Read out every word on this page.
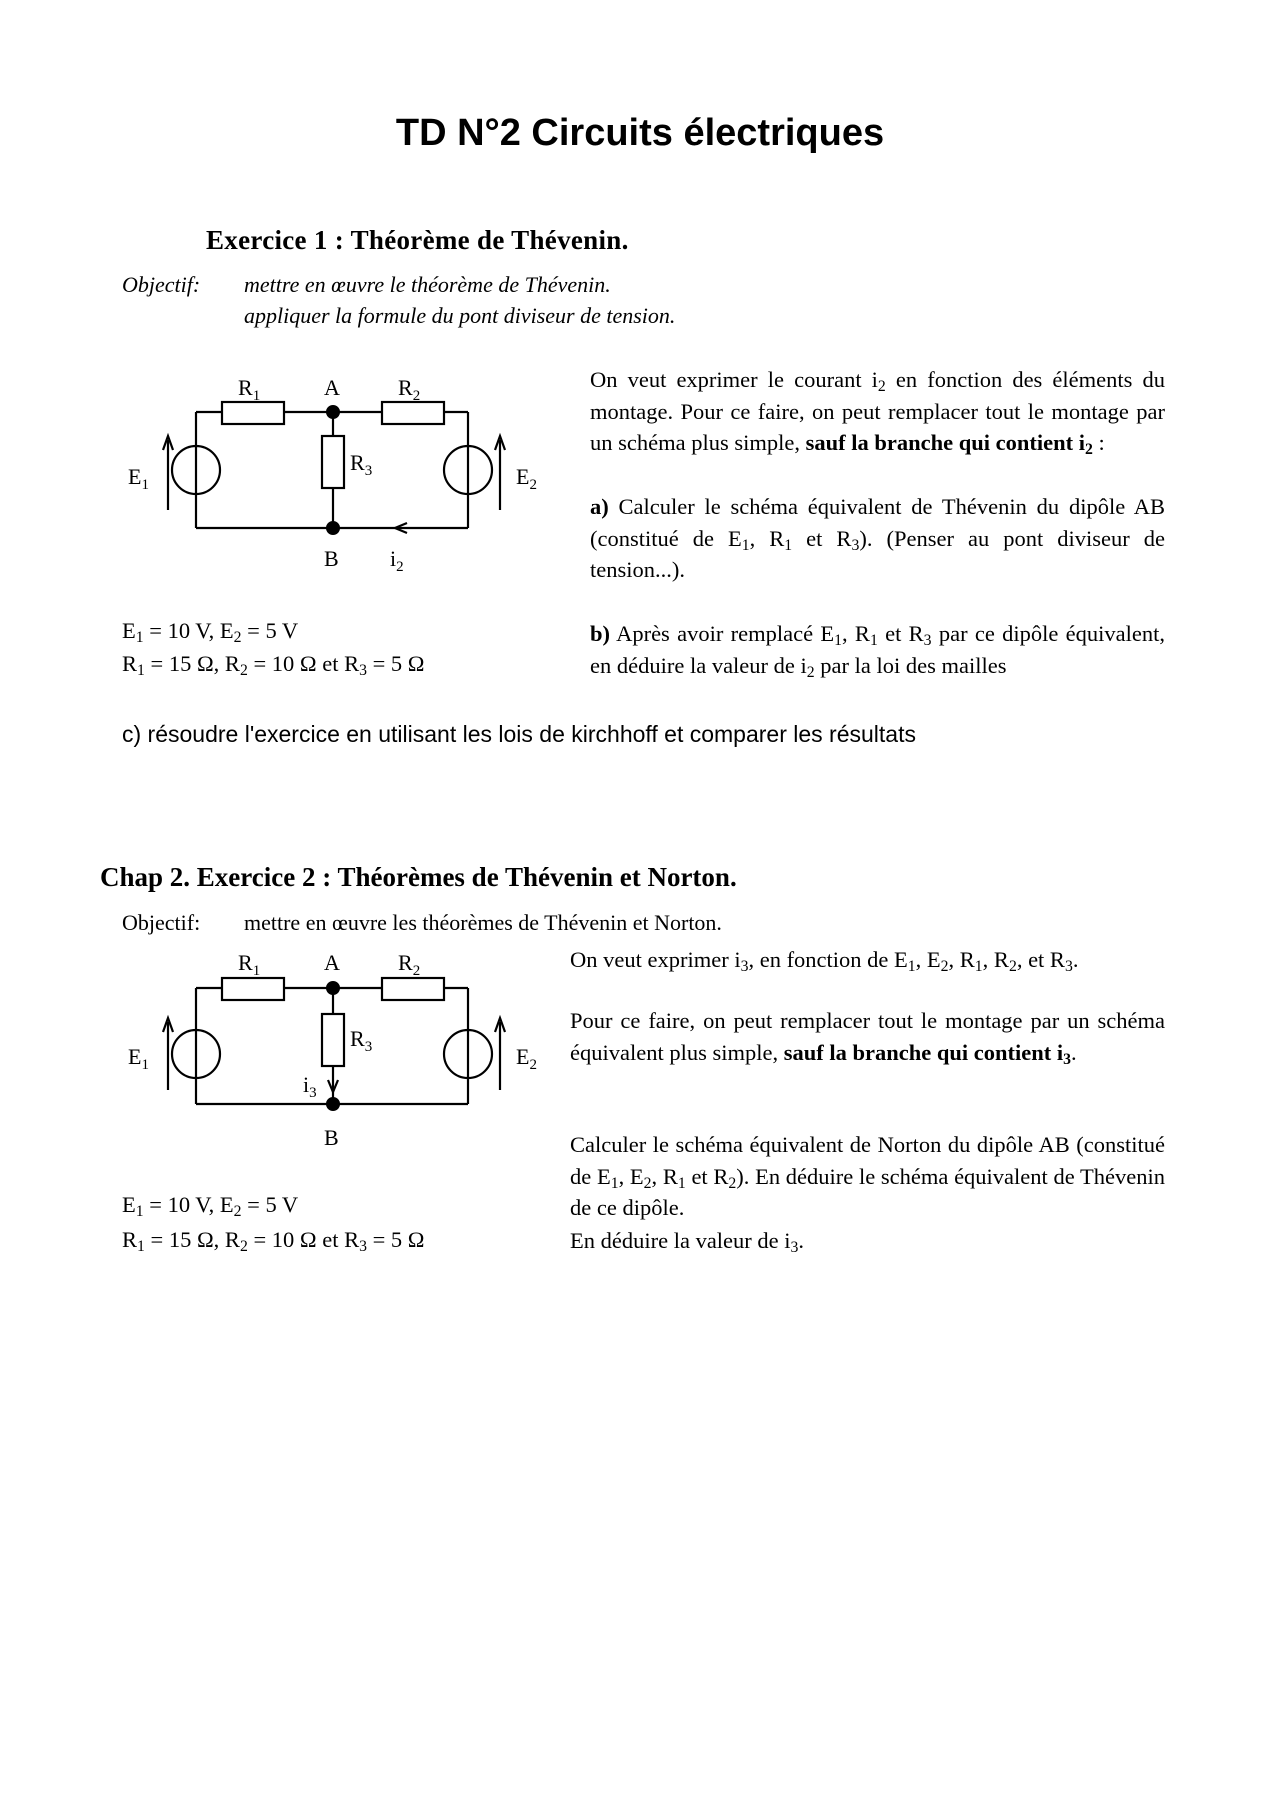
TD N°2 Circuits électriques
Exercice 1 : Théorème de Thévenin.
Objectif: mettre en œuvre le théorème de Thévenin.
appliquer la formule du pont diviseur de tension.
$R_1$	A	$R_2$
$R_3$
$E_1$	$E_2$
B $i_2$
$R_1$	A	$R_2$
$R_3$
$E_1$	$E_2$
$i_3$
B
On veut exprimer le courant $i_2$ en fonction des éléments du montage. Pour ce faire, on peut remplacer tout le montage par un schéma plus simple, sauf la branche qui contient $i_2$ :
a) Calculer le schéma équivalent de Thévenin du dipôle AB (constitué de $E_1$, $R_1$ et $R_3$). (Penser au pont diviseur de tension...).
b) Après avoir remplacé $E_1$, $R_1$ et $R_3$ par ce dipôle équivalent, en déduire la valeur de $i_2$ par la loi des mailles
$E_1 = 10$ V, $E_2 = 5$ V
$R_1 = 15$ Ω, $R_2 = 10$ Ω et $R_3 = 5$ Ω
c) résoudre l'exercice en utilisant les lois de kirchhoff et comparer les résultats
Chap 2. Exercice 2 : Théorèmes de Thévenin et Norton.
Objectif: mettre en œuvre les théorèmes de Thévenin et Norton.
On veut exprimer $i_3$, en fonction de $E_1$, $E_2$, $R_1$, $R_2$, et $R_3$.
Pour ce faire, on peut remplacer tout le montage par un schéma équivalent plus simple, sauf la branche qui contient $i_3$.
Calculer le schéma équivalent de Norton du dipôle AB (constitué de $E_1$, $E_2$, $R_1$ et $R_2$). En déduire le schéma équivalent de Thévenin de ce dipôle.
En déduire la valeur de $i_3$.
$E_1 = 10$ V, $E_2 = 5$ V
$R_1 = 15$ Ω, $R_2 = 10$ Ω et $R_3 = 5$ Ω
